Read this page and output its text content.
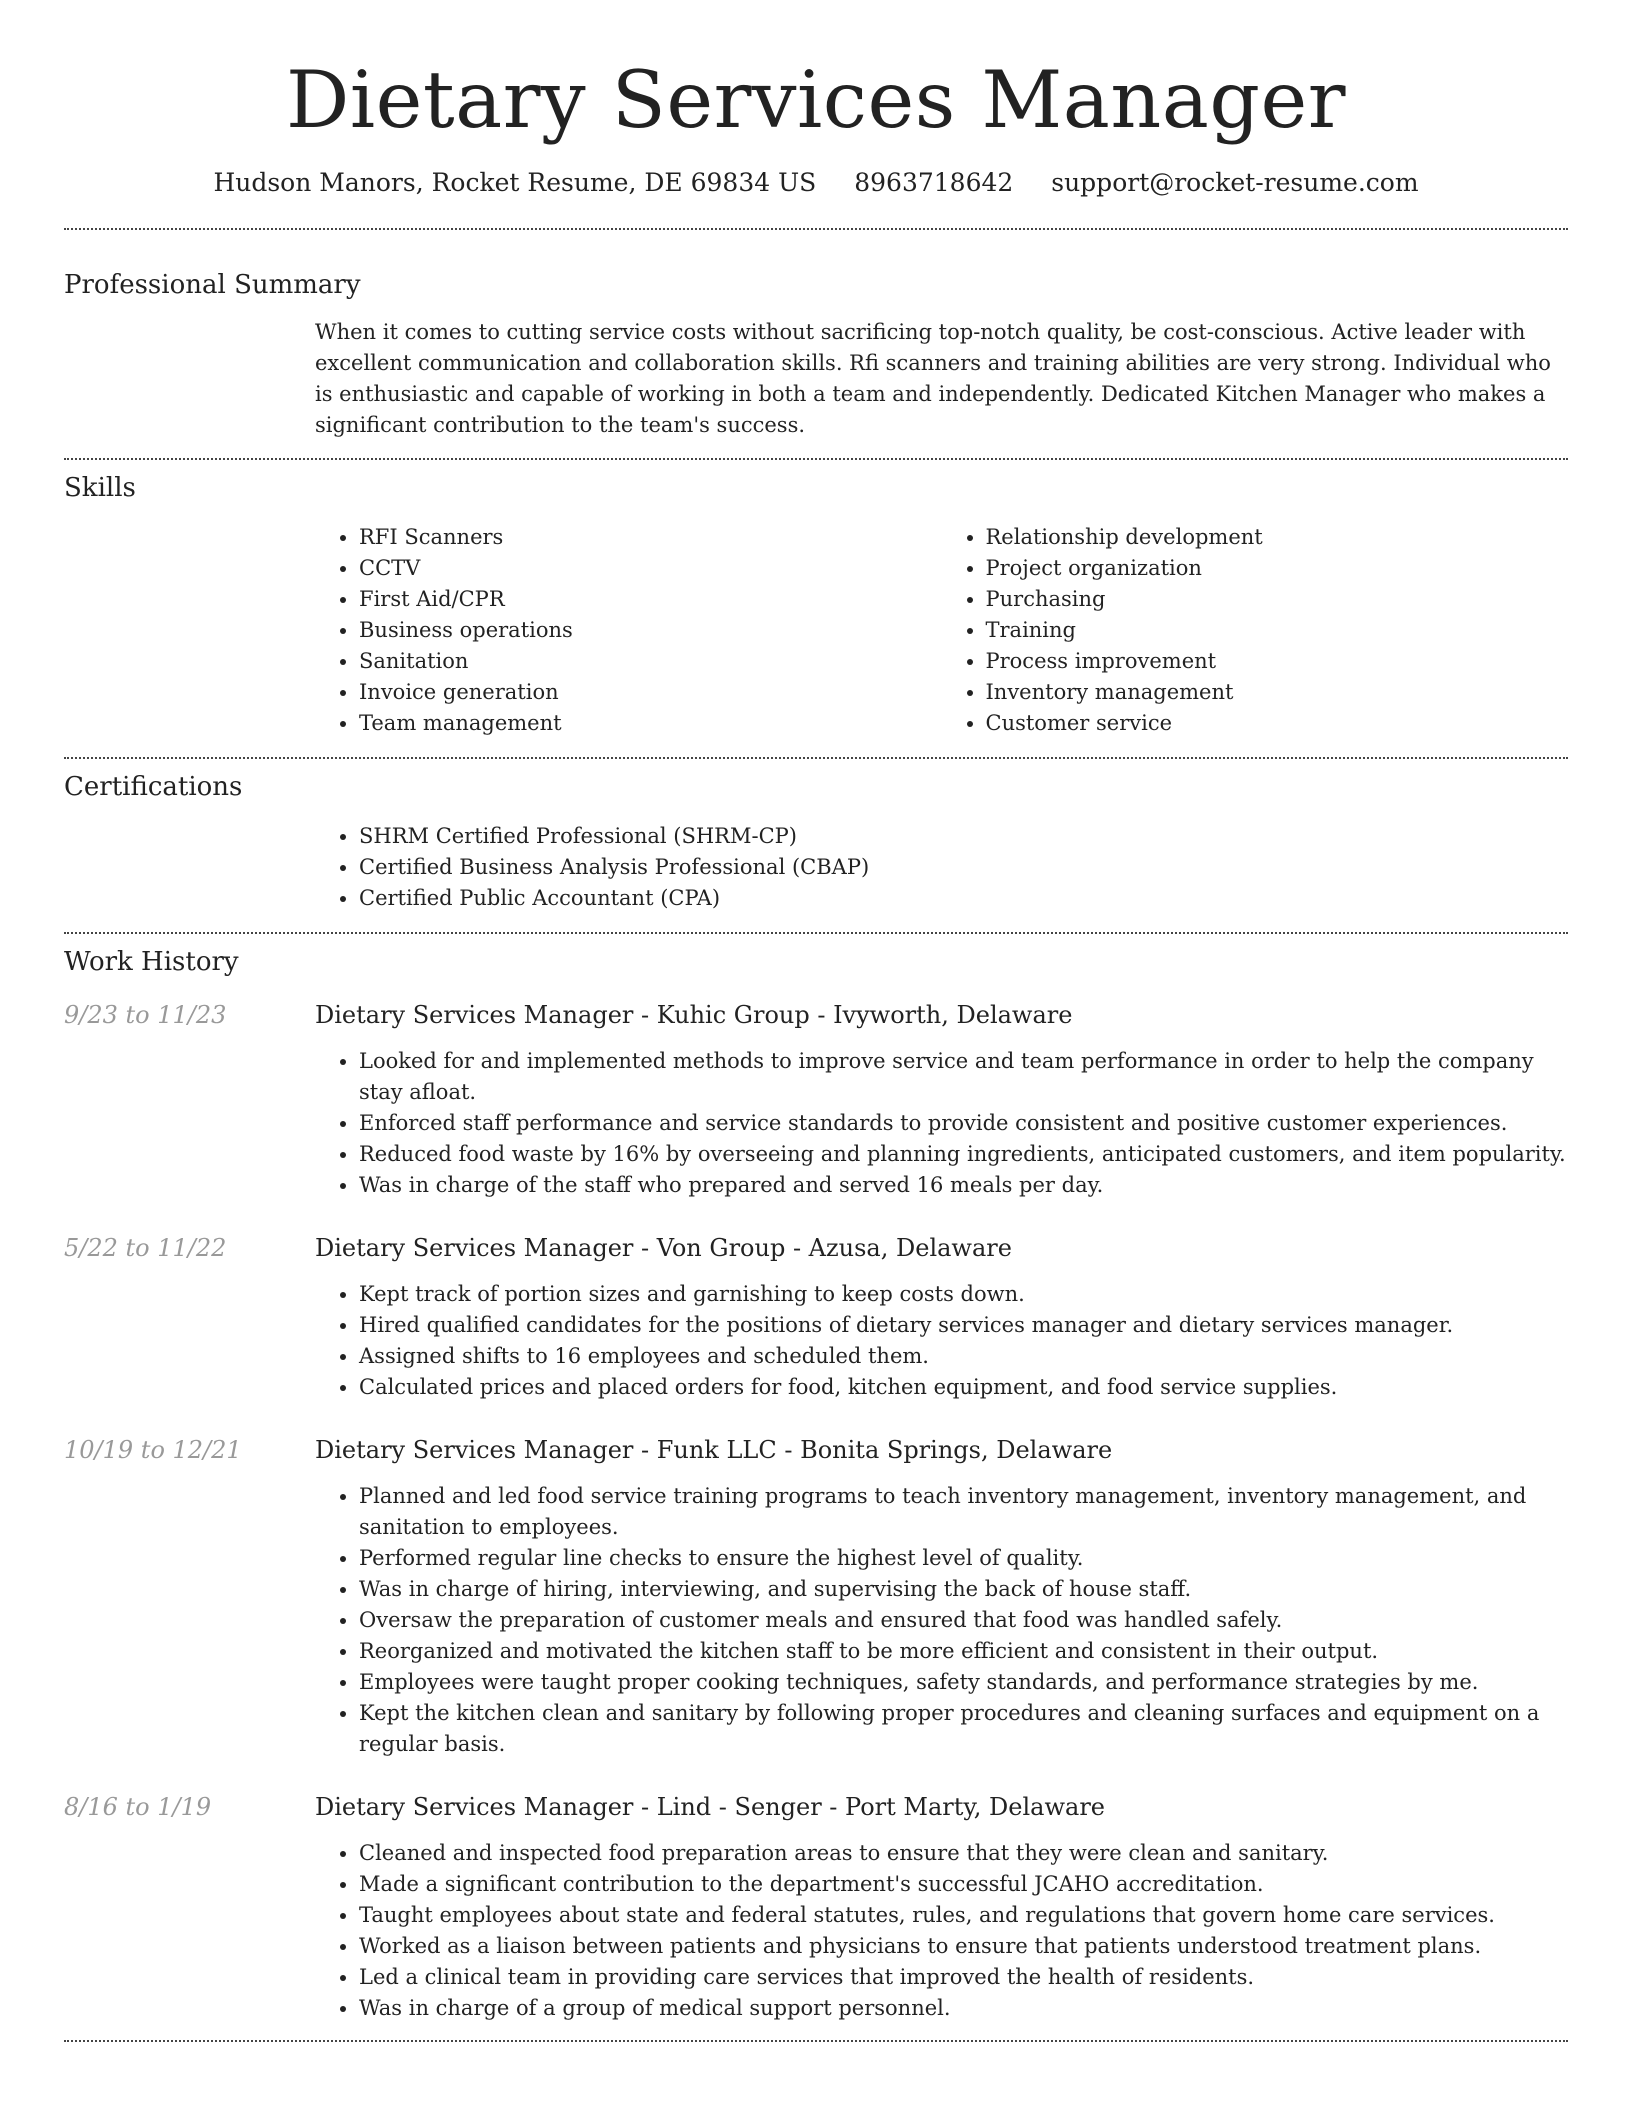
Dietary Services Manager
Hudson Manors, Rocket Resume, DE 69834 US 8963718642 support@rocket-resume.com
Professional Summary
When it comes to cutting service costs without sacrificing top-notch quality, be cost-conscious. Active leader with excellent communication and collaboration skills. Rfi scanners and training abilities are very strong. Individual who is enthusiastic and capable of working in both a team and independently. Dedicated Kitchen Manager who makes a significant contribution to the team's success.
Skills
• RFI Scanners
• CCTV
• First Aid/CPR
• Business operations
• Sanitation
• Invoice generation
• Team management
• Relationship development
• Project organization
• Purchasing
• Training
• Process improvement
• Inventory management
• Customer service
Certifications
• SHRM Certified Professional (SHRM-CP)
• Certified Business Analysis Professional (CBAP)
• Certified Public Accountant (CPA)
Work History
9/23 to 11/23	Dietary Services Manager - Kuhic Group - Ivyworth, Delaware
• Looked for and implemented methods to improve service and team performance in order to help the company stay afloat.
• Enforced staff performance and service standards to provide consistent and positive customer experiences.
• Reduced food waste by 16% by overseeing and planning ingredients, anticipated customers, and item popularity.
• Was in charge of the staff who prepared and served 16 meals per day.
5/22 to 11/22	Dietary Services Manager - Von Group - Azusa, Delaware
• Kept track of portion sizes and garnishing to keep costs down.
• Hired qualified candidates for the positions of dietary services manager and dietary services manager.
• Assigned shifts to 16 employees and scheduled them.
• Calculated prices and placed orders for food, kitchen equipment, and food service supplies.
10/19 to 12/21	Dietary Services Manager - Funk LLC - Bonita Springs, Delaware
• Planned and led food service training programs to teach inventory management, inventory management, and sanitation to employees.
• Performed regular line checks to ensure the highest level of quality.
• Was in charge of hiring, interviewing, and supervising the back of house staff.
• Oversaw the preparation of customer meals and ensured that food was handled safely.
• Reorganized and motivated the kitchen staff to be more efficient and consistent in their output.
• Employees were taught proper cooking techniques, safety standards, and performance strategies by me.
• Kept the kitchen clean and sanitary by following proper procedures and cleaning surfaces and equipment on a regular basis.
8/16 to 1/19	Dietary Services Manager - Lind - Senger - Port Marty, Delaware
• Cleaned and inspected food preparation areas to ensure that they were clean and sanitary.
• Made a significant contribution to the department's successful JCAHO accreditation.
• Taught employees about state and federal statutes, rules, and regulations that govern home care services.
• Worked as a liaison between patients and physicians to ensure that patients understood treatment plans.
• Led a clinical team in providing care services that improved the health of residents.
• Was in charge of a group of medical support personnel.
